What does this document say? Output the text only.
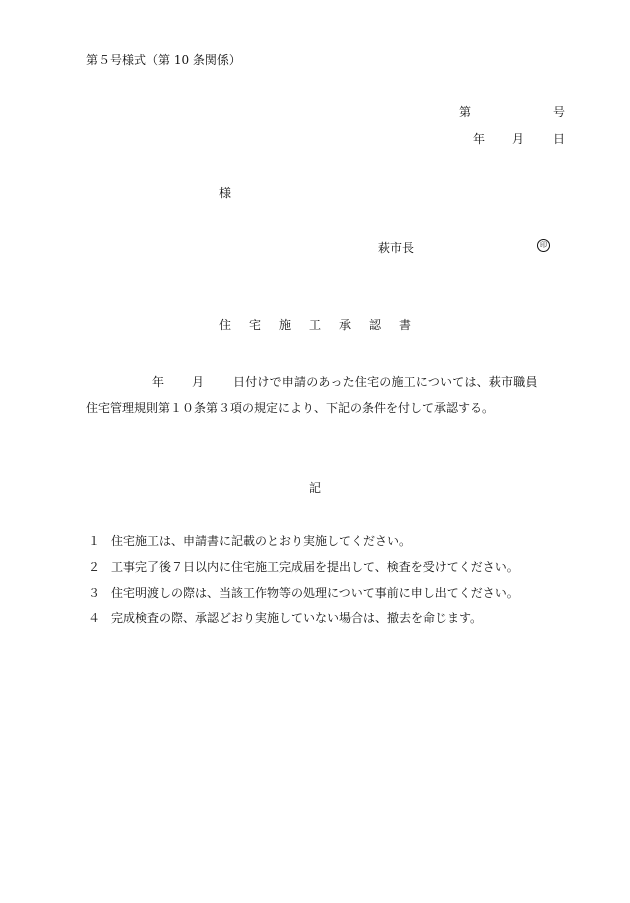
第５号様式（第 10 条関係）
第	号
年 月 日
様
萩市長	印
住宅施工承認書
年 月 日付けで申請のあった住宅の施工については、萩市職員
住宅管理規則第１０条第３項の規定により、下記の条件を付して承認する。
記
１ 住宅施工は、申請書に記載のとおり実施してください。
２ 工事完了後７日以内に住宅施工完成届を提出して、検査を受けてください。
３ 住宅明渡しの際は、当該工作物等の処理について事前に申し出てください。
４ 完成検査の際、承認どおり実施していない場合は、撤去を命じます。
